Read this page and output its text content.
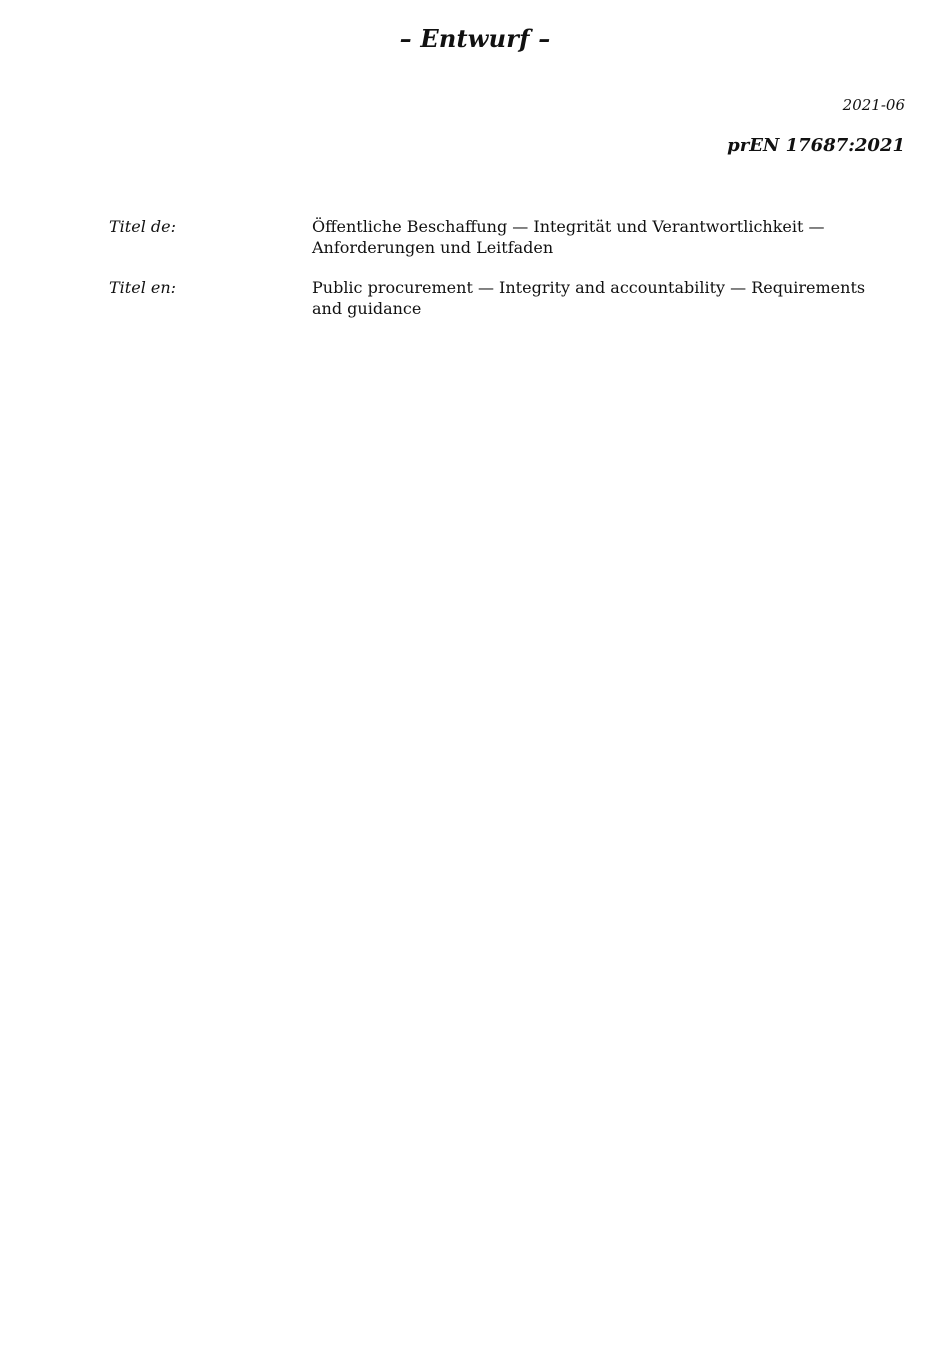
– Entwurf –
2021-06
prEN 17687:2021
Titel de:	Öffentliche Beschaffung — Integrität und Verantwortlichkeit — Anforderungen und Leitfaden
Titel en:	Public procurement — Integrity and accountability — Requirements and guidance
